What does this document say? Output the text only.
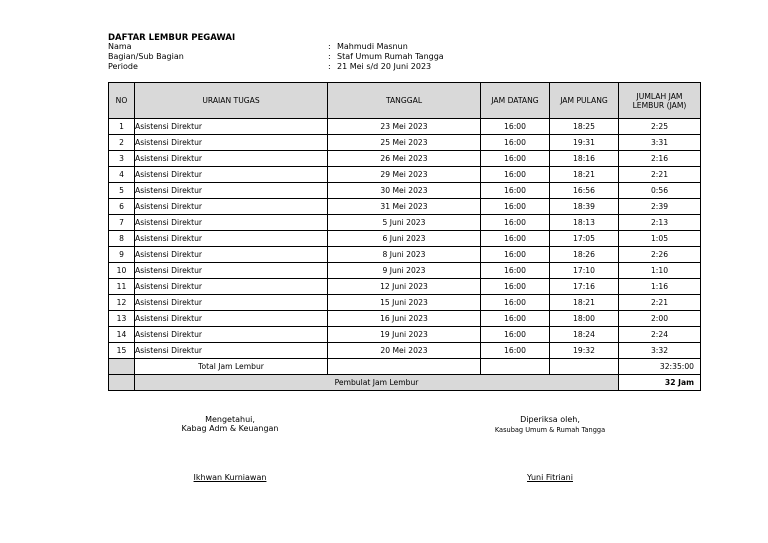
DAFTAR LEMBUR PEGAWAI
Nama	: Mahmudi Masnun
Bagian/Sub Bagian	: Staf Umum Rumah Tangga
Periode	: 21 Mei s/d 20 Juni 2023
NO	URAIAN TUGAS	TANGGAL	JAM DATANG	JAM PULANG	JUMLAH JAM
LEMBUR (JAM)

1	Asistensi Direktur	23 Mei 2023	16:00	18:25	2:25
2	Asistensi Direktur	25 Mei 2023	16:00	19:31	3:31
3	Asistensi Direktur	26 Mei 2023	16:00	18:16	2:16
4	Asistensi Direktur	29 Mei 2023	16:00	18:21	2:21
5	Asistensi Direktur	30 Mei 2023	16:00	16:56	0:56
6	Asistensi Direktur	31 Mei 2023	16:00	18:39	2:39
7	Asistensi Direktur	5 Juni 2023	16:00	18:13	2:13
8	Asistensi Direktur	6 Juni 2023	16:00	17:05	1:05
9	Asistensi Direktur	8 Juni 2023	16:00	18:26	2:26
10	Asistensi Direktur	9 Juni 2023	16:00	17:10	1:10
11	Asistensi Direktur	12 Juni 2023	16:00	17:16	1:16
12	Asistensi Direktur	15 Juni 2023	16:00	18:21	2:21
13	Asistensi Direktur	16 Juni 2023	16:00	18:00	2:00
14	Asistensi Direktur	19 Juni 2023	16:00	18:24	2:24
15	Asistensi Direktur	20 Mei 2023	16:00	19:32	3:32
	Total Jam Lembur				32:35:00
	Pembulat Jam Lembur				32 Jam
Mengetahui,
Kabag Adm & Keuangan
Ikhwan Kurniawan
Diperiksa oleh,
Kasubag Umum & Rumah Tangga
Yuni Fitriani
